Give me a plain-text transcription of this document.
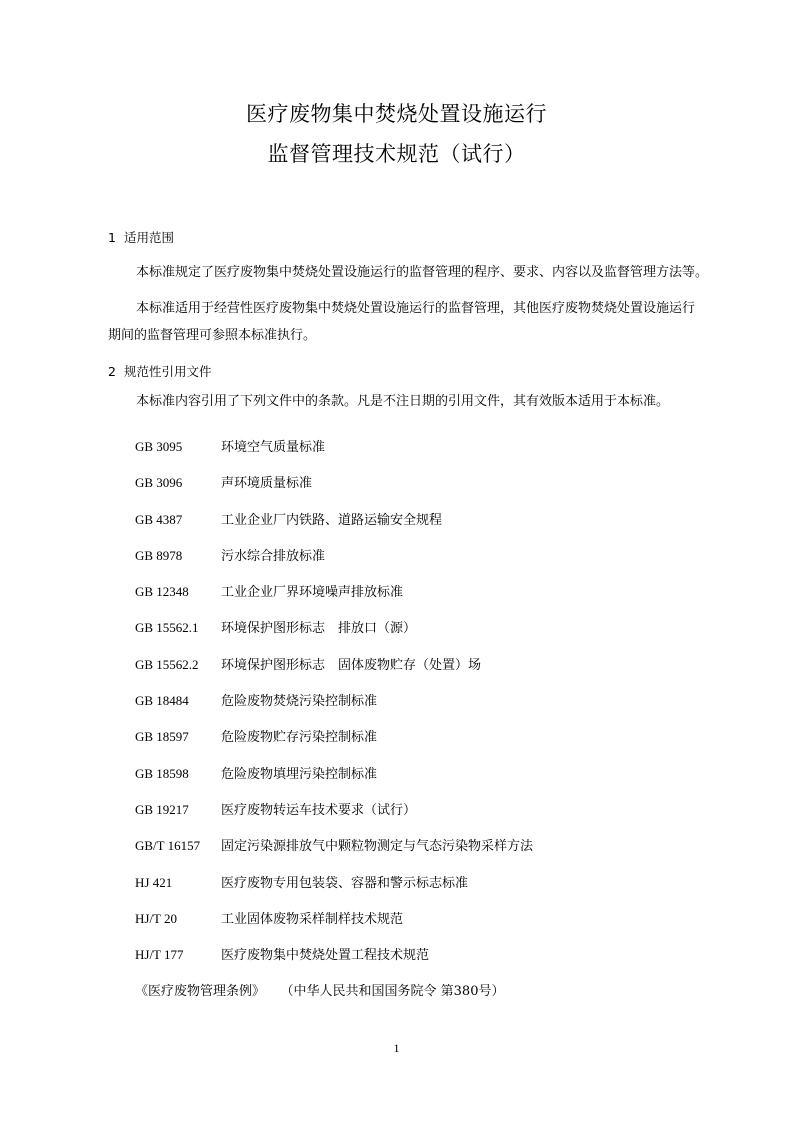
医疗废物集中焚烧处置设施运行
监督管理技术规范（试行）
1 适用范围
本标准规定了医疗废物集中焚烧处置设施运行的监督管理的程序、要求、内容以及监督管理方法等。
本标准适用于经营性医疗废物集中焚烧处置设施运行的监督管理，其他医疗废物焚烧处置设施运行
期间的监督管理可参照本标准执行。
2 规范性引用文件
本标准内容引用了下列文件中的条款。凡是不注日期的引用文件，其有效版本适用于本标准。
GB 3095	环境空气质量标准
GB 3096	声环境质量标准
GB 4387	工业企业厂内铁路、道路运输安全规程
GB 8978	污水综合排放标准
GB 12348 工业企业厂界环境噪声排放标准
GB 15562.1 环境保护图形标志　排放口（源）
GB 15562.2 环境保护图形标志　固体废物贮存（处置）场
GB 18484 危险废物焚烧污染控制标准
GB 18597 危险废物贮存污染控制标准
GB 18598 危险废物填埋污染控制标准
GB 19217 医疗废物转运车技术要求（试行）
GB/T 16157 固定污染源排放气中颗粒物测定与气态污染物采样方法
HJ 421	医疗废物专用包装袋、容器和警示标志标准
HJ/T 20	工业固体废物采样制样技术规范
HJ/T 177	医疗废物集中焚烧处置工程技术规范
《医疗废物管理条例》 （中华人民共和国国务院令 第380号）
1
